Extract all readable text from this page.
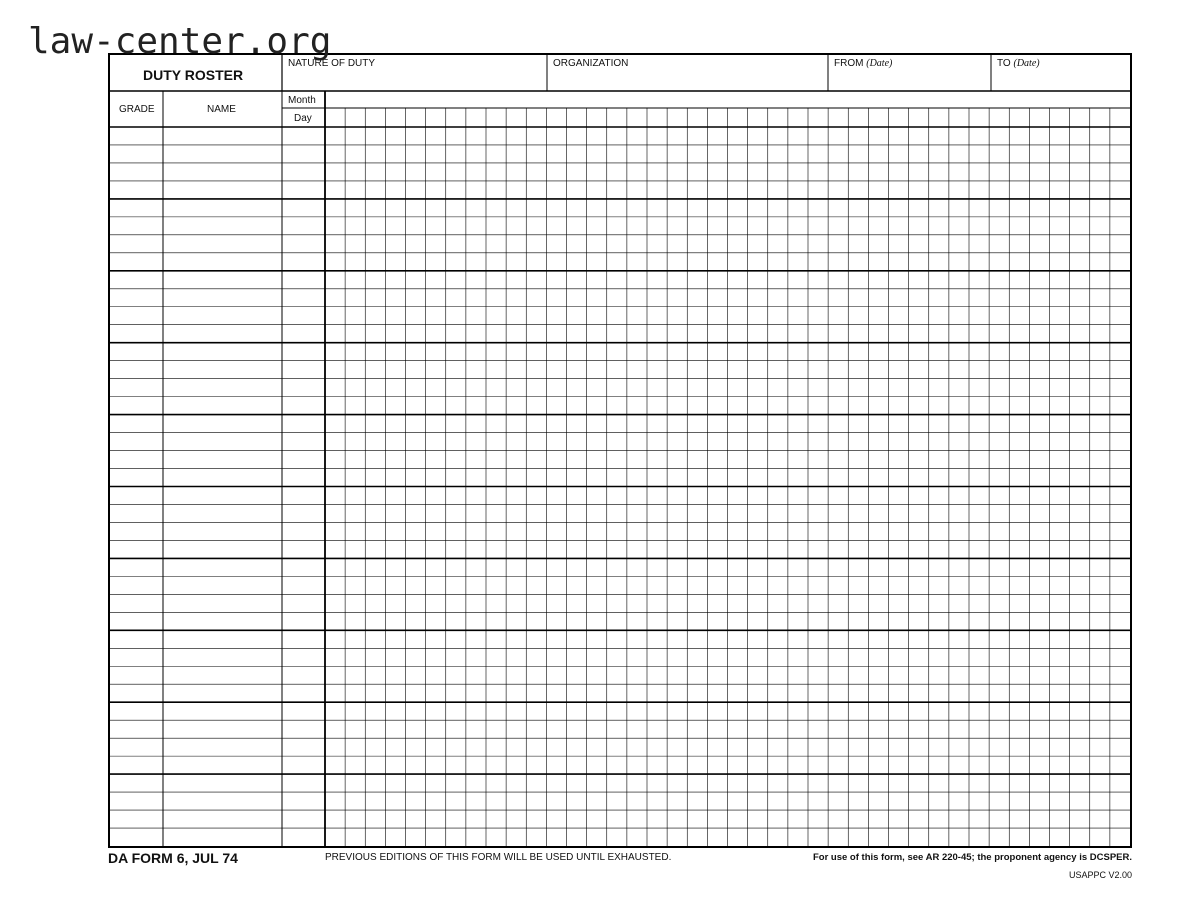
law-center.org
DUTY ROSTER
NATURE OF DUTY	ORGANIZATION	FROM (Date)	TO (Date)
GRADE	NAME
Month
Day
DA FORM 6, JUL 74	PREVIOUS EDITIONS OF THIS FORM WILL BE USED UNTIL EXHAUSTED.	For use of this form, see AR 220-45; the proponent agency is DCSPER.
USAPPC V2.00
